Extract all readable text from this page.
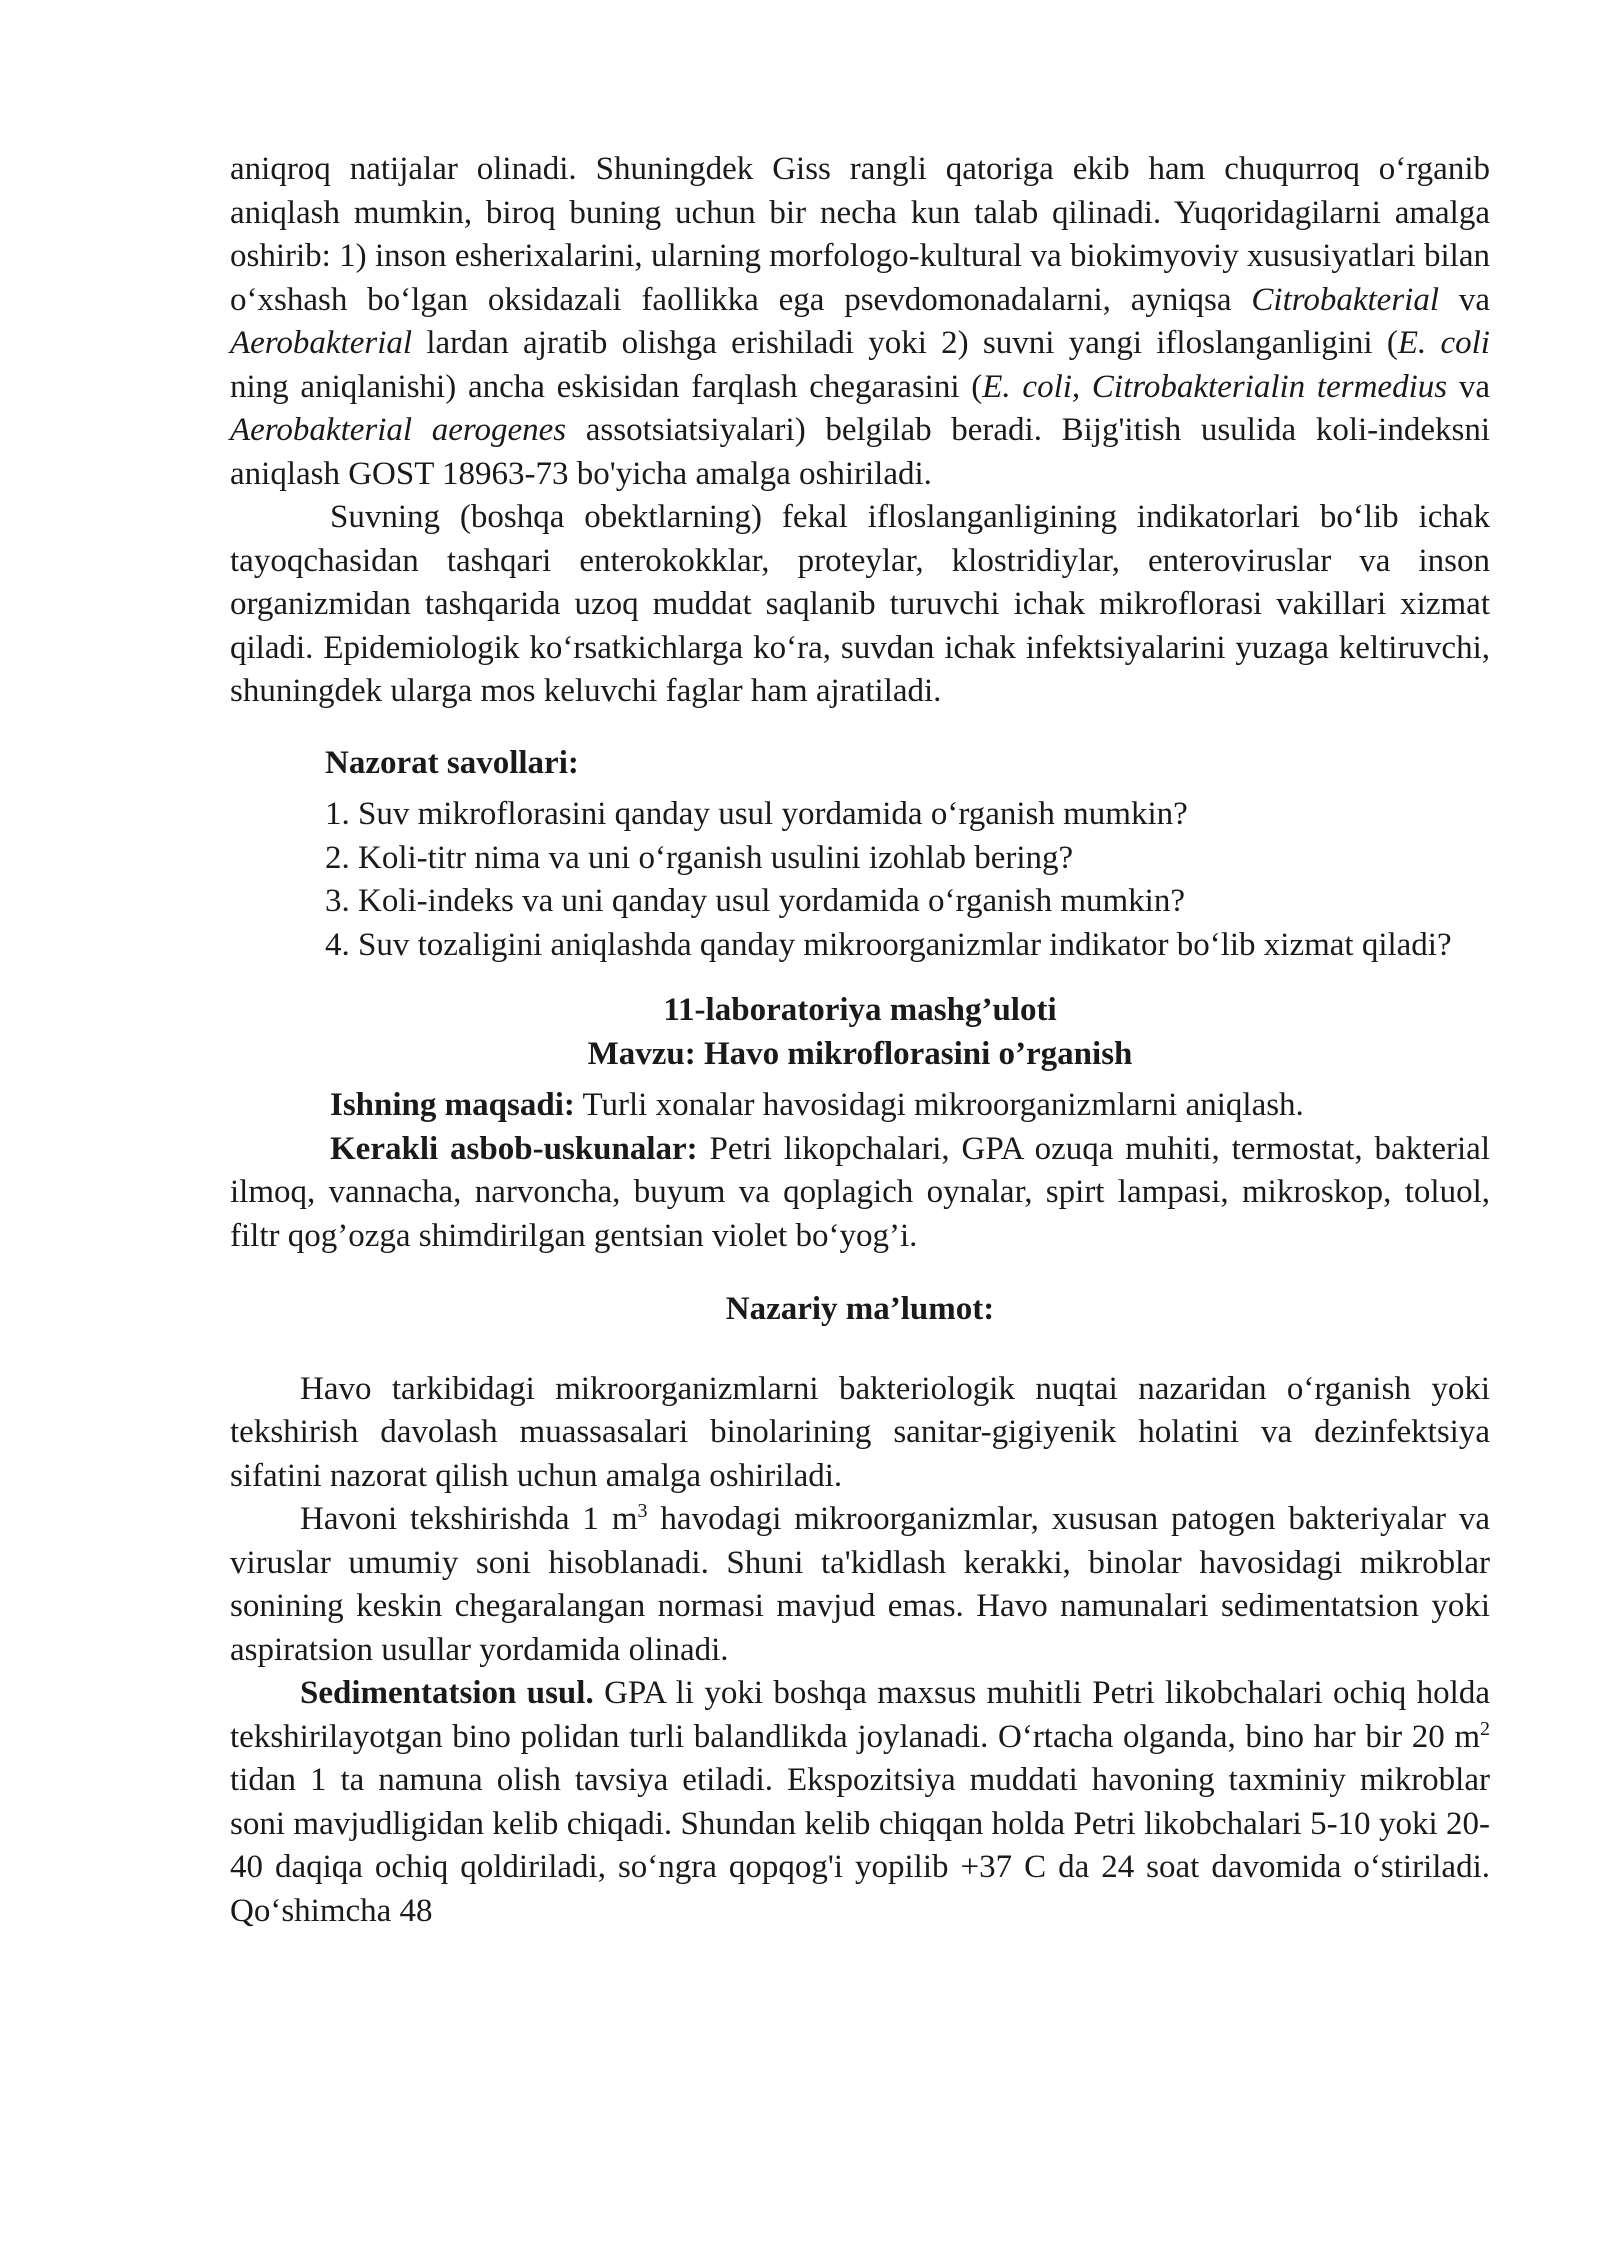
aniqroq natijalar olinadi. Shuningdek Giss rangli qatoriga ekib ham chuqurroq o‘rganib aniqlash mumkin, biroq buning uchun bir necha kun talab qilinadi. Yuqoridagilarni amalga oshirib: 1) inson esherixalarini, ularning morfologo-kultural va biokimyoviy xususiyatlari bilan o‘xshash bo‘lgan oksidazali faollikka ega psevdomonadalarni, ayniqsa Citrobakterial va Aerobakterial lardan ajratib olishga erishiladi yoki 2) suvni yangi ifloslanganligini (E. coli ning aniqlanishi) ancha eskisidan farqlash chegarasini (E. coli, Citrobakterialin termedius va Aerobakterial aerogenes assotsiatsiyalari) belgilab beradi. Bijg'itish usulida koli-indeksni aniqlash GOST 18963-73 bo'yicha amalga oshiriladi.

Suvning (boshqa obektlarning) fekal ifloslanganligining indikatorlari bo‘lib ichak tayoqchasidan tashqari enterokokklar, proteylar, klostridiylar, enteroviruslar va inson organizmidan tashqarida uzoq muddat saqlanib turuvchi ichak mikroflorasi vakillari xizmat qiladi. Epidemiologik ko‘rsatkichlarga ko‘ra, suvdan ichak infektsiyalarini yuzaga keltiruvchi, shuningdek ularga mos keluvchi faglar ham ajratiladi.

Nazorat savollari:

1. Suv mikroflorasini qanday usul yordamida o‘rganish mumkin?
2. Koli-titr nima va uni o‘rganish usulini izohlab bering?
3. Koli-indeks va uni qanday usul yordamida o‘rganish mumkin?
4. Suv tozaligini aniqlashda qanday mikroorganizmlar indikator bo‘lib xizmat qiladi?

11-laboratoriya mashg’uloti

Mavzu: Havo mikroflorasini o’rganish

Ishning maqsadi: Turli xonalar havosidagi mikroorganizmlarni aniqlash.

Kerakli asbob-uskunalar: Petri likopchalari, GPA ozuqa muhiti, termostat, bakterial ilmoq, vannacha, narvoncha, buyum va qoplagich oynalar, spirt lampasi, mikroskop, toluol, filtr qog’ozga shimdirilgan gentsian violet bo‘yog’i.

Nazariy ma’lumot:

Havo tarkibidagi mikroorganizmlarni bakteriologik nuqtai nazaridan o‘rganish yoki tekshirish davolash muassasalari binolarining sanitar-gigiyenik holatini va dezinfektsiya sifatini nazorat qilish uchun amalga oshiriladi.

Havoni tekshirishda 1 $m^3$ havodagi mikroorganizmlar, xususan patogen bakteriyalar va viruslar umumiy soni hisoblanadi. Shuni ta'kidlash kerakki, binolar havosidagi mikroblar sonining keskin chegaralangan normasi mavjud emas. Havo namunalari sedimentatsion yoki aspiratsion usullar yordamida olinadi.

Sedimentatsion usul. GPA li yoki boshqa maxsus muhitli Petri likobchalari ochiq holda tekshirilayotgan bino polidan turli balandlikda joylanadi. O‘rtacha olganda, bino har bir 20 $m^2$ tidan 1 ta namuna olish tavsiya etiladi. Ekspozitsiya muddati havoning taxminiy mikroblar soni mavjudligidan kelib chiqadi. Shundan kelib chiqqan holda Petri likobchalari 5-10 yoki 20-40 daqiqa ochiq qoldiriladi, so‘ngra qopqog'i yopilib +37 C da 24 soat davomida o‘stiriladi. Qo‘shimcha 48
